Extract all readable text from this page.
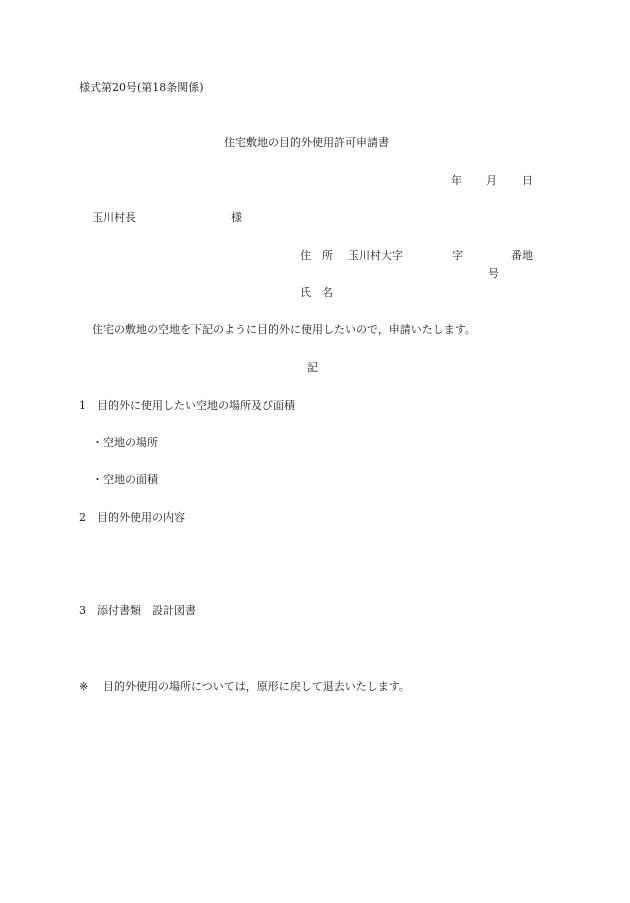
様式第20号(第18条関係)

住宅敷地の目的外使用許可申請書

年 月 日

玉川村長	様

住　所 玉川村大字	字	番地

号

氏　名

住宅の敷地の空地を下記のように目的外に使用したいので，申請いたします。

記

1 目的外に使用したい空地の場所及び面積

・空地の場所

・空地の面積

2 目的外使用の内容

3 添付書類　設計図書

※ 目的外使用の場所については，原形に戻して退去いたします。
